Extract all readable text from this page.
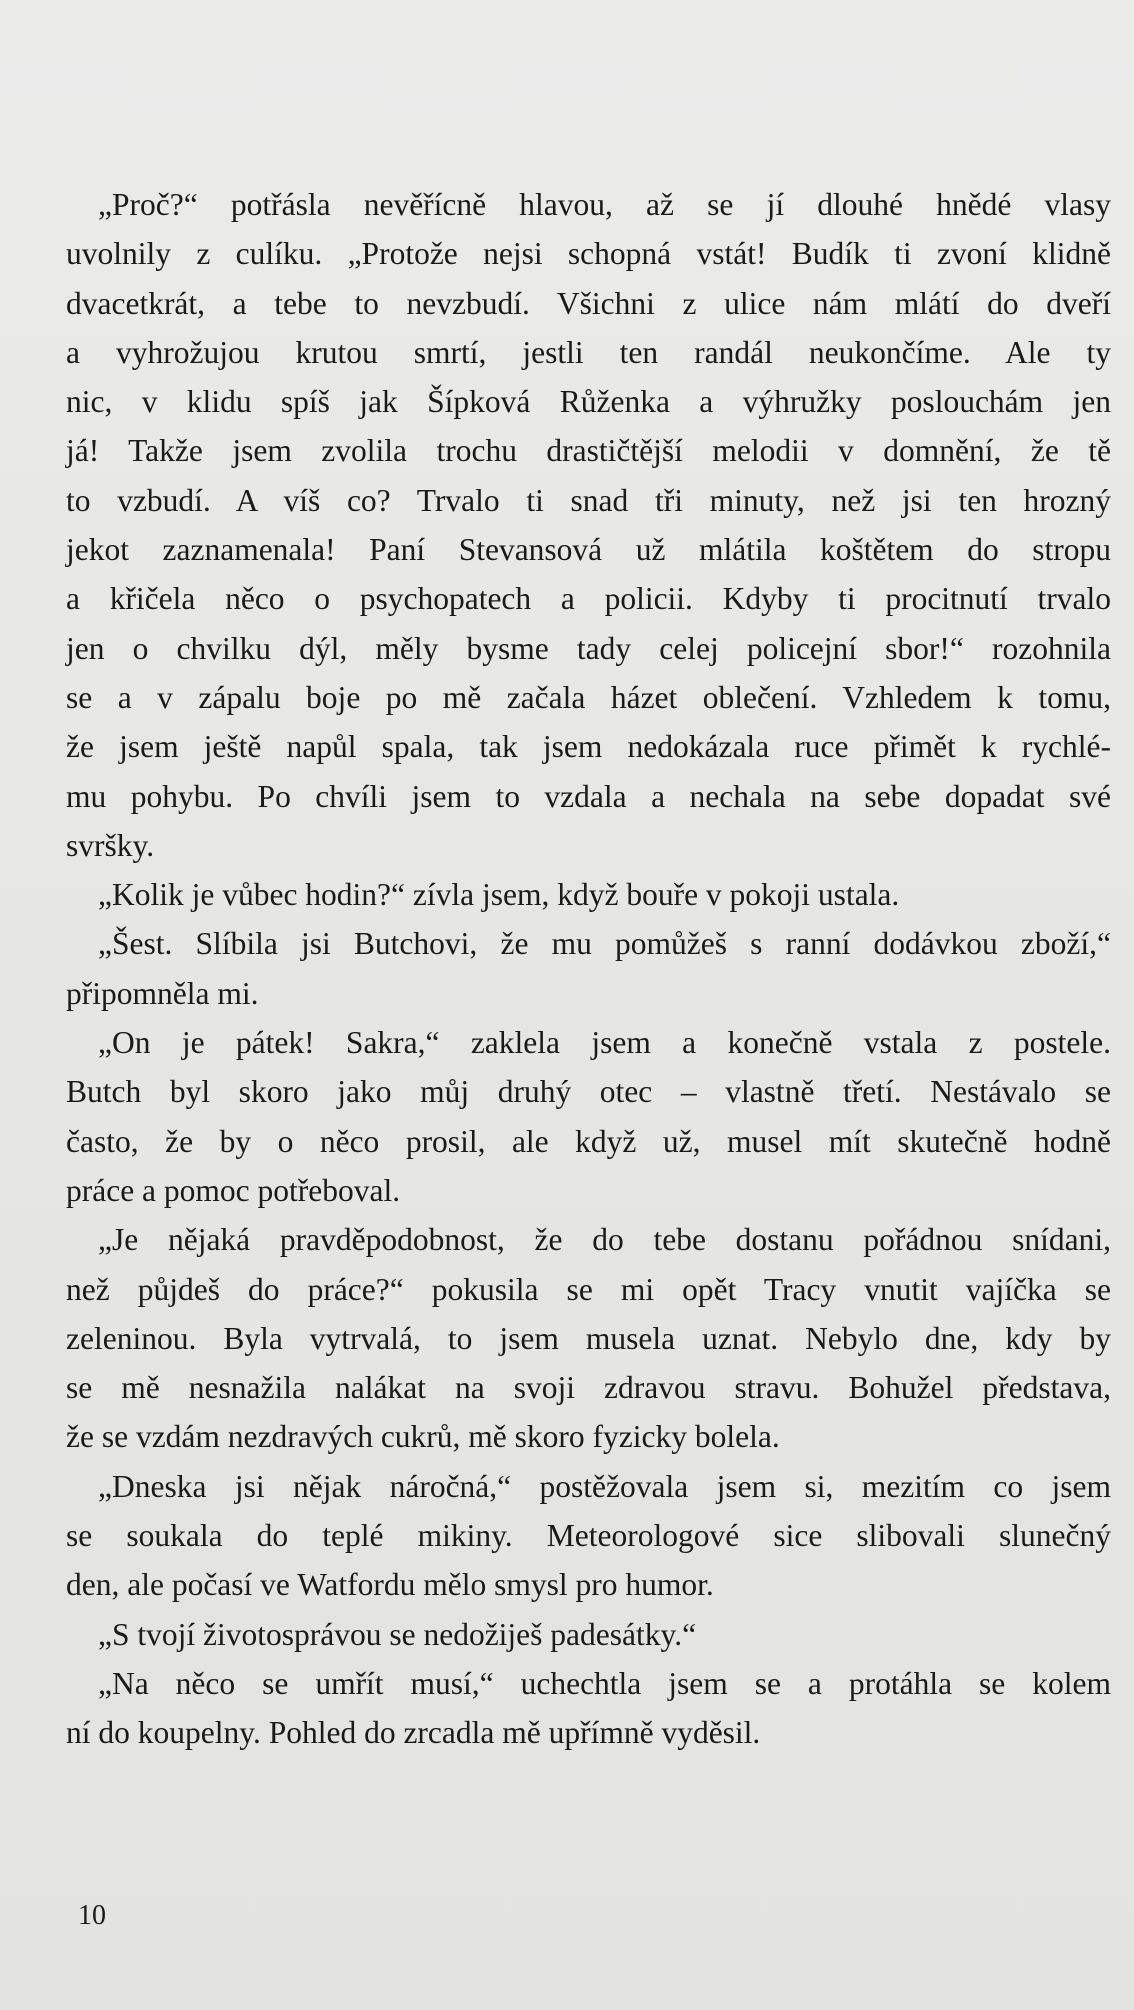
„Proč?“ potřásla nevěřícně hlavou, až se jí dlouhé hnědé vlasy
uvolnily z culíku. „Protože nejsi schopná vstát! Budík ti zvoní klidně
dvacetkrát, a tebe to nevzbudí. Všichni z ulice nám mlátí do dveří
a vyhrožujou krutou smrtí, jestli ten randál neukončíme. Ale ty
nic, v klidu spíš jak Šípková Růženka a výhružky poslouchám jen
já! Takže jsem zvolila trochu drastičtější melodii v domnění, že tě
to vzbudí. A víš co? Trvalo ti snad tři minuty, než jsi ten hrozný
jekot zaznamenala! Paní Stevansová už mlátila koštětem do stropu
a křičela něco o psychopatech a policii. Kdyby ti procitnutí trvalo
jen o chvilku dýl, měly bysme tady celej policejní sbor!“ rozohnila
se a v zápalu boje po mě začala házet oblečení. Vzhledem k tomu,
že jsem ještě napůl spala, tak jsem nedokázala ruce přimět k rychlé-
mu pohybu. Po chvíli jsem to vzdala a nechala na sebe dopadat své
svršky.
„Kolik je vůbec hodin?“ zívla jsem, když bouře v pokoji ustala.
„Šest. Slíbila jsi Butchovi, že mu pomůžeš s ranní dodávkou zboží,“
připomněla mi.
„On je pátek! Sakra,“ zaklela jsem a konečně vstala z postele.
Butch byl skoro jako můj druhý otec – vlastně třetí. Nestávalo se
často, že by o něco prosil, ale když už, musel mít skutečně hodně
práce a pomoc potřeboval.
„Je nějaká pravděpodobnost, že do tebe dostanu pořádnou snídani,
než půjdeš do práce?“ pokusila se mi opět Tracy vnutit vajíčka se
zeleninou. Byla vytrvalá, to jsem musela uznat. Nebylo dne, kdy by
se mě nesnažila nalákat na svoji zdravou stravu. Bohužel představa,
že se vzdám nezdravých cukrů, mě skoro fyzicky bolela.
„Dneska jsi nějak náročná,“ postěžovala jsem si, mezitím co jsem
se soukala do teplé mikiny. Meteorologové sice slibovali slunečný
den, ale počasí ve Watfordu mělo smysl pro humor.
„S tvojí životosprávou se nedožiješ padesátky.“
„Na něco se umřít musí,“ uchechtla jsem se a protáhla se kolem
ní do koupelny. Pohled do zrcadla mě upřímně vyděsil.
10
